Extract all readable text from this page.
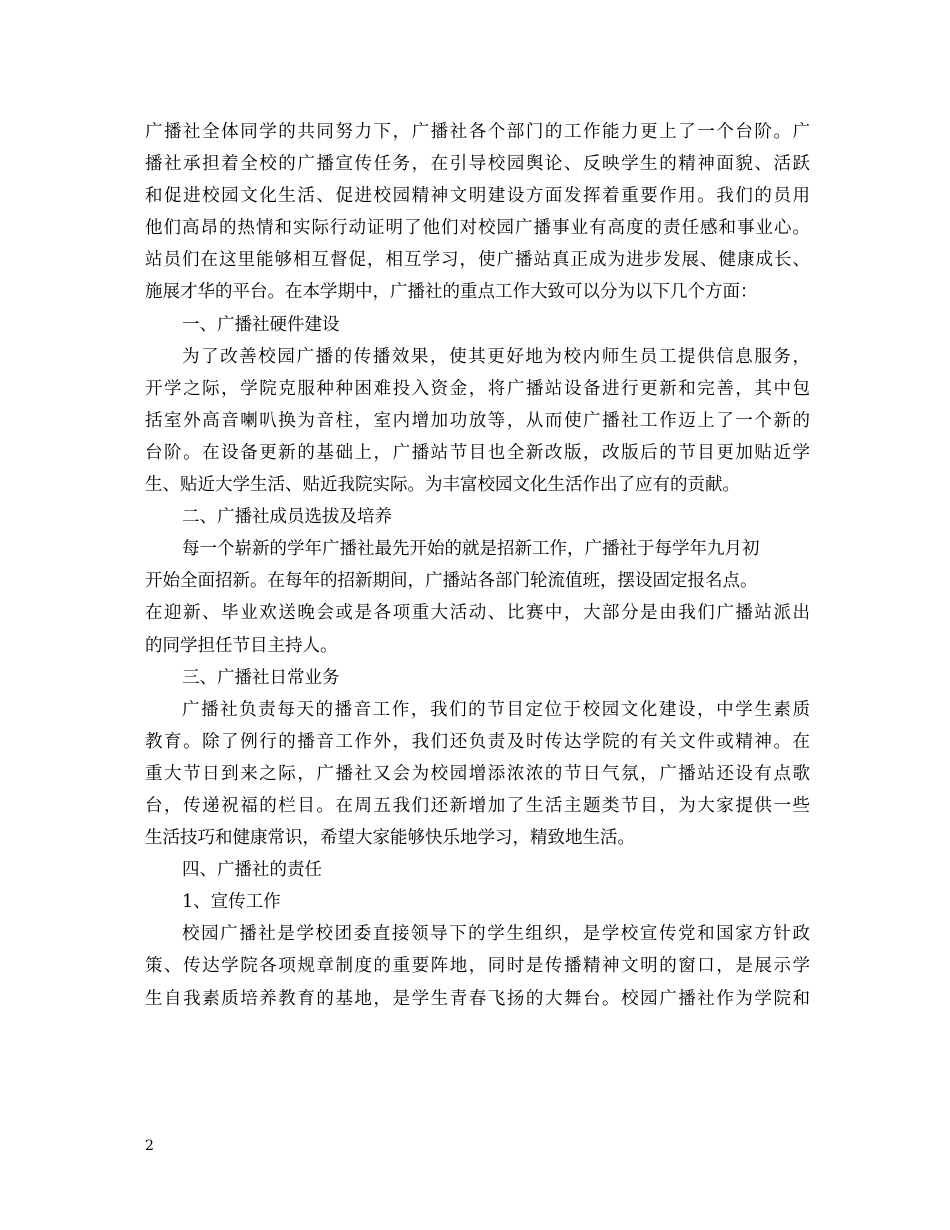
广播社全体同学的共同努力下，广播社各个部门的工作能力更上了一个台阶。广
播社承担着全校的广播宣传任务，在引导校园舆论、反映学生的精神面貌、活跃
和促进校园文化生活、促进校园精神文明建设方面发挥着重要作用。我们的员用
他们高昂的热情和实际行动证明了他们对校园广播事业有高度的责任感和事业心。
站员们在这里能够相互督促，相互学习，使广播站真正成为进步发展、健康成长、
施展才华的平台。在本学期中，广播社的重点工作大致可以分为以下几个方面：
一、广播社硬件建设
为了改善校园广播的传播效果，使其更好地为校内师生员工提供信息服务，
开学之际，学院克服种种困难投入资金，将广播站设备进行更新和完善，其中包
括室外高音喇叭换为音柱，室内增加功放等，从而使广播社工作迈上了一个新的
台阶。在设备更新的基础上，广播站节目也全新改版，改版后的节目更加贴近学
生、贴近大学生活、贴近我院实际。为丰富校园文化生活作出了应有的贡献。
二、广播社成员选拔及培养
每一个崭新的学年广播社最先开始的就是招新工作，广播社于每学年九月初
开始全面招新。在每年的招新期间，广播站各部门轮流值班，摆设固定报名点。
在迎新、毕业欢送晚会或是各项重大活动、比赛中，大部分是由我们广播站派出
的同学担任节目主持人。
三、广播社日常业务
广播社负责每天的播音工作，我们的节目定位于校园文化建设，中学生素质
教育。除了例行的播音工作外，我们还负责及时传达学院的有关文件或精神。在
重大节日到来之际，广播社又会为校园增添浓浓的节日气氛，广播站还设有点歌
台，传递祝福的栏目。在周五我们还新增加了生活主题类节目，为大家提供一些
生活技巧和健康常识，希望大家能够快乐地学习，精致地生活。
四、广播社的责任
1、宣传工作
校园广播社是学校团委直接领导下的学生组织，是学校宣传党和国家方针政
策、传达学院各项规章制度的重要阵地，同时是传播精神文明的窗口，是展示学
生自我素质培养教育的基地，是学生青春飞扬的大舞台。校园广播社作为学院和
2
